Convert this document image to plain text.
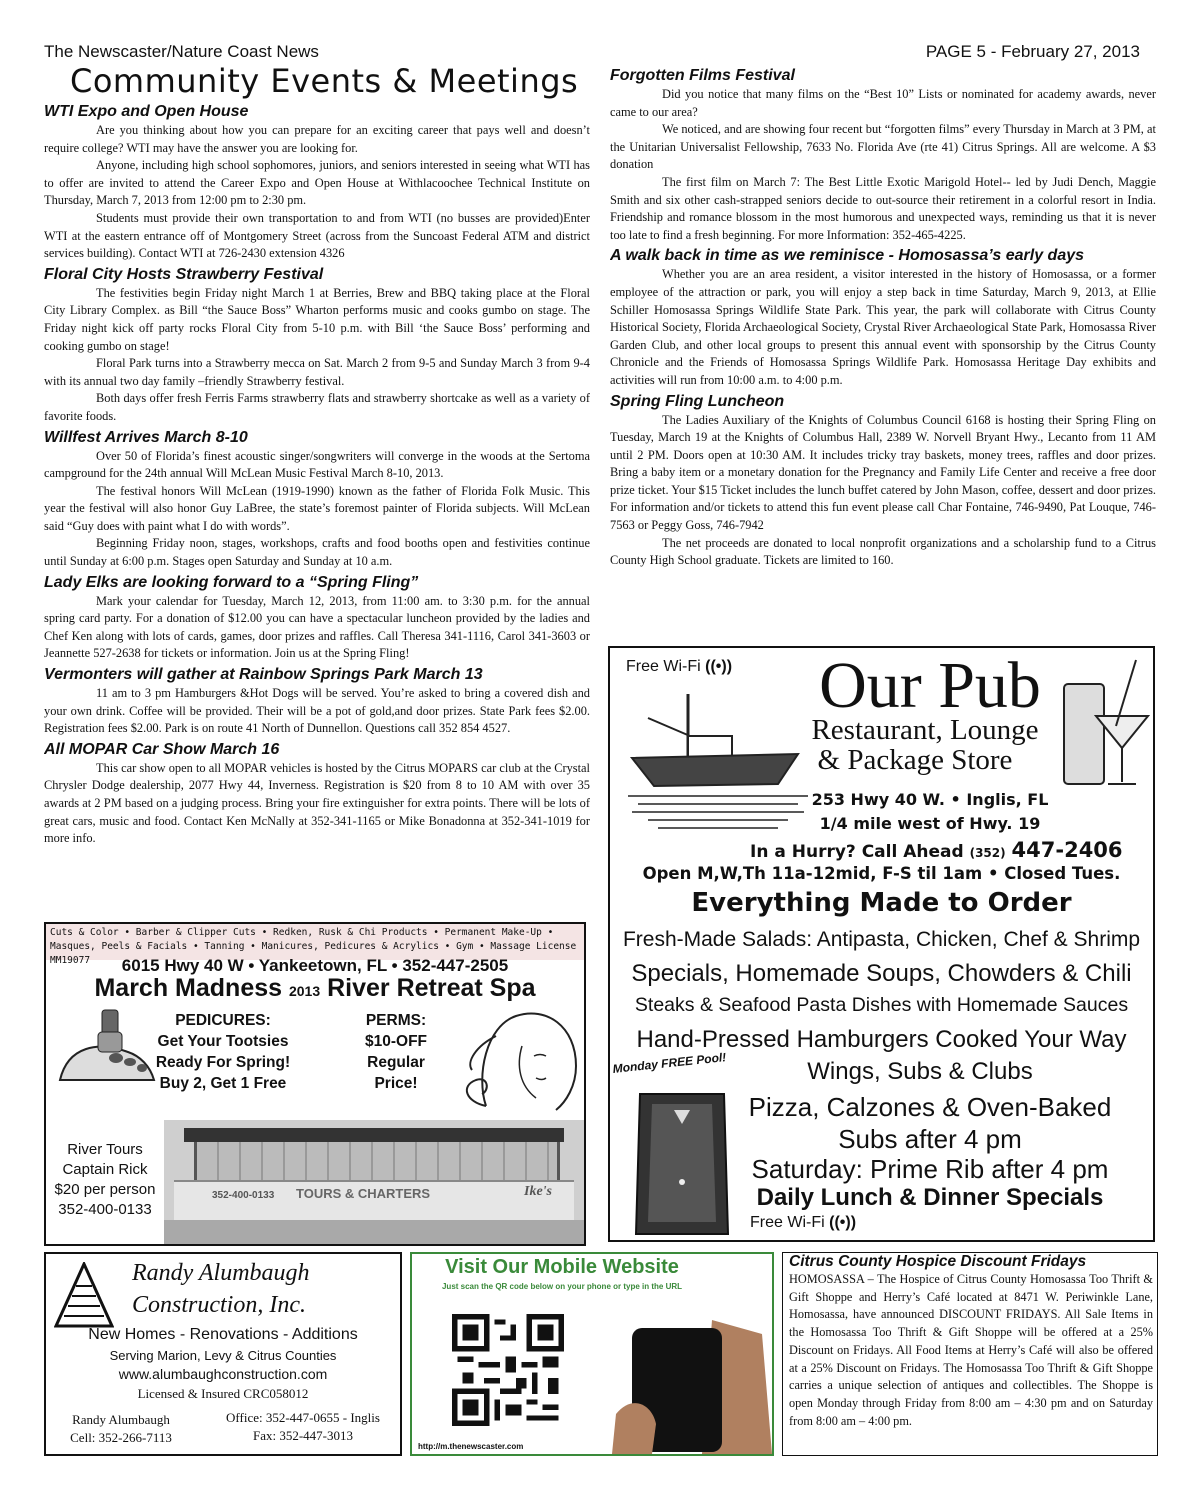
The Newscaster/Nature Coast News	PAGE 5 - February 27, 2013
Community Events & Meetings
WTI Expo and Open House

Are you thinking about how you can prepare for an exciting career that pays well and doesn’t require college? WTI may have the answer you are looking for.

Anyone, including high school sophomores, juniors, and seniors interested in seeing what WTI has to offer are invited to attend the Career Expo and Open House at Withlacoochee Technical Institute on Thursday, March 7, 2013 from 12:00 pm to 2:30 pm.

Students must provide their own transportation to and from WTI (no busses are provided)Enter WTI at the eastern entrance off of Montgomery Street (across from the Suncoast Federal ATM and district services building). Contact WTI at 726-2430 extension 4326

Floral City Hosts Strawberry Festival

The festivities begin Friday night March 1 at Berries, Brew and BBQ taking place at the Floral City Library Complex. as Bill “the Sauce Boss” Wharton performs music and cooks gumbo on stage. The Friday night kick off party rocks Floral City from 5-10 p.m. with Bill ‘the Sauce Boss’ performing and cooking gumbo on stage!

Floral Park turns into a Strawberry mecca on Sat. March 2 from 9-5 and Sunday March 3 from 9-4 with its annual two day family –friendly Strawberry festival.

Both days offer fresh Ferris Farms strawberry flats and strawberry shortcake as well as a variety of favorite foods.

Willfest Arrives March 8-10

Over 50 of Florida’s finest acoustic singer/songwriters will converge in the woods at the Sertoma campground for the 24th annual Will McLean Music Festival March 8-10, 2013.

The festival honors Will McLean (1919-1990) known as the father of Florida Folk Music. This year the festival will also honor Guy LaBree, the state’s foremost painter of Florida subjects. Will McLean said “Guy does with paint what I do with words”.

Beginning Friday noon, stages, workshops, crafts and food booths open and festivities continue until Sunday at 6:00 p.m. Stages open Saturday and Sunday at 10 a.m.

Lady Elks are looking forward to a “Spring Fling”

Mark your calendar for Tuesday, March 12, 2013, from 11:00 am. to 3:30 p.m. for the annual spring card party. For a donation of $12.00 you can have a spectacular luncheon provided by the ladies and Chef Ken along with lots of cards, games, door prizes and raffles. Call Theresa 341-1116, Carol 341-3603 or Jeannette 527-2638 for tickets or information. Join us at the Spring Fling!

Vermonters will gather at Rainbow Springs Park March 13

11 am to 3 pm Hamburgers &Hot Dogs will be served. You’re asked to bring a covered dish and your own drink. Coffee will be provided. Their will be a pot of gold,and door prizes. State Park fees $2.00. Registration fees $2.00. Park is on route 41 North of Dunnellon. Questions call 352 854 4527.

All MOPAR Car Show March 16

This car show open to all MOPAR vehicles is hosted by the Citrus MOPARS car club at the Crystal Chrysler Dodge dealership, 2077 Hwy 44, Inverness. Registration is $20 from 8 to 10 AM with over 35 awards at 2 PM based on a judging process. Bring your fire extinguisher for extra points. There will be lots of great cars, music and food. Contact Ken McNally at 352-341-1165 or Mike Bonadonna at 352-341-1019 for more info.

Forgotten Films Festival

Did you notice that many films on the “Best 10” Lists or nominated for academy awards, never came to our area?

We noticed, and are showing four recent but “forgotten films” every Thursday in March at 3 PM, at the Unitarian Universalist Fellowship, 7633 No. Florida Ave (rte 41) Citrus Springs. All are welcome. A $3 donation

The first film on March 7: The Best Little Exotic Marigold Hotel-- led by Judi Dench, Maggie Smith and six other cash-strapped seniors decide to out-source their retirement in a colorful resort in India. Friendship and romance blossom in the most humorous and unexpected ways, reminding us that it is never too late to find a fresh beginning. For more Information: 352-465-4225.

A walk back in time as we reminisce - Homosassa’s early days

Whether you are an area resident, a visitor interested in the history of Homosassa, or a former employee of the attraction or park, you will enjoy a step back in time Saturday, March 9, 2013, at Ellie Schiller Homosassa Springs Wildlife State Park. This year, the park will collaborate with Citrus County Historical Society, Florida Archaeological Society, Crystal River Archaeological State Park, Homosassa River Garden Club, and other local groups to present this annual event with sponsorship by the Citrus County Chronicle and the Friends of Homosassa Springs Wildlife Park. Homosassa Heritage Day exhibits and activities will run from 10:00 a.m. to 4:00 p.m.

Spring Fling Luncheon

The Ladies Auxiliary of the Knights of Columbus Council 6168 is hosting their Spring Fling on Tuesday, March 19 at the Knights of Columbus Hall, 2389 W. Norvell Bryant Hwy., Lecanto from 11 AM until 2 PM. Doors open at 10:30 AM. It includes tricky tray baskets, money trees, raffles and door prizes. Bring a baby item or a monetary donation for the Pregnancy and Family Life Center and receive a free door prize ticket. Your $15 Ticket includes the lunch buffet catered by John Mason, coffee, dessert and door prizes. For information and/or tickets to attend this fun event please call Char Fontaine, 746-9490, Pat Louque, 746-7563 or Peggy Goss, 746-7942

The net proceeds are donated to local nonprofit organizations and a scholarship fund to a Citrus County High School graduate. Tickets are limited to 160.

Cuts & Color • Barber & Clipper Cuts • Redken, Rusk & Chi Products • Permanent Make-Up • Masques, Peels & Facials • Tanning • Manicures, Pedicures & Acrylics • Gym • Massage License MM19077	6015 Hwy 40 W • Yankeetown, FL • 352-447-2505
March Madness 2013 River Retreat Spa
PEDICURES:
Get Your Tootsies
Ready For Spring!
Buy 2, Get 1 Free
PERMS:
$10-OFF
Regular
Price!
River Tours
Captain Rick
$20 per person
352-400-0133
352-400-0133 TOURS & CHARTERS	Ike's
Free Wi-Fi ((•)) Our Pub
Restaurant, Lounge
& Package Store
253 Hwy 40 W. • Inglis, FL
1/4 mile west of Hwy. 19
In a Hurry? Call Ahead (352) 447-2406
Open M,W,Th 11a-12mid, F-S til 1am • Closed Tues.
Everything Made to Order
Fresh-Made Salads: Antipasta, Chicken, Chef & Shrimp
Specials, Homemade Soups, Chowders & Chili
Steaks & Seafood Pasta Dishes with Homemade Sauces
Hand-Pressed Hamburgers Cooked Your Way
Monday FREE Pool!	Wings, Subs & Clubs
Pizza, Calzones & Oven-Baked
Subs after 4 pm
Saturday: Prime Rib after 4 pm
Daily Lunch & Dinner Specials
Free Wi-Fi ((•))
Randy Alumbaugh
Construction, Inc.
New Homes - Renovations - Additions
Serving Marion, Levy & Citrus Counties
www.alumbaughconstruction.com
Licensed & Insured CRC058012
Randy Alumbaugh
Cell: 352-266-7113
Office: 352-447-0655 - Inglis
Fax: 352-447-3013
Visit Our Mobile Website
Just scan the QR code below on your phone or type in the URL
http://m.thenewscaster.com
Citrus County Hospice Discount Fridays
HOMOSASSA – The Hospice of Citrus County Homosassa Too Thrift & Gift Shoppe and Herry’s Café located at 8471 W. Periwinkle Lane, Homosassa, have announced DISCOUNT FRIDAYS. All Sale Items in the Homosassa Too Thrift & Gift Shoppe will be offered at a 25% Discount on Fridays. All Food Items at Herry’s Café will also be offered at a 25% Discount on Fridays. The Homosassa Too Thrift & Gift Shoppe carries a unique selection of antiques and collectibles. The Shoppe is open Monday through Friday from 8:00 am – 4:30 pm and on Saturday from 8:00 am – 4:00 pm.
